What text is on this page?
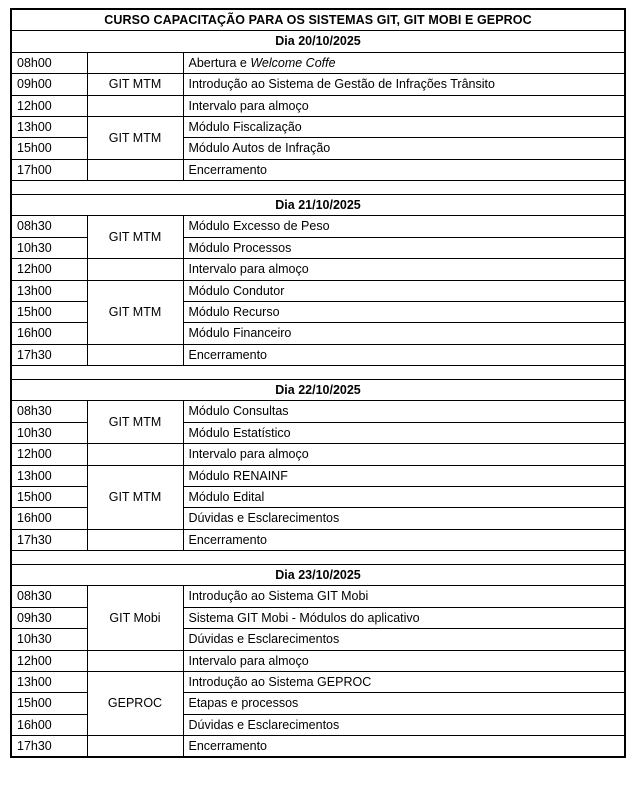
CURSO CAPACITAÇÃO PARA OS SISTEMAS GIT, GIT MOBI E GEPROC		
Dia 20/10/2025		
08h00		Abertura e Welcome Coffe
09h00	GIT MTM	Introdução ao Sistema de Gestão de Infrações Trânsito
12h00		Intervalo para almoço
13h00	GIT MTM	Módulo Fiscalização
15h00		Módulo Autos de Infração
17h00		Encerramento

Dia 21/10/2025		
08h30	GIT MTM	Módulo Excesso de Peso
10h30		Módulo Processos
12h00		Intervalo para almoço
13h00	GIT MTM	Módulo Condutor
15h00		Módulo Recurso
16h00		Módulo Financeiro
17h30		Encerramento

Dia 22/10/2025		
08h30	GIT MTM	Módulo Consultas
10h30		Módulo Estatístico
12h00		Intervalo para almoço
13h00	GIT MTM	Módulo RENAINF
15h00		Módulo Edital
16h00		Dúvidas e Esclarecimentos
17h30		Encerramento

Dia 23/10/2025		
08h30	GIT Mobi	Introdução ao Sistema GIT Mobi
09h30		Sistema GIT Mobi - Módulos do aplicativo
10h30		Dúvidas e Esclarecimentos
12h00		Intervalo para almoço
13h00	GEPROC	Introdução ao Sistema GEPROC
15h00		Etapas e processos
16h00		Dúvidas e Esclarecimentos
17h30		Encerramento
